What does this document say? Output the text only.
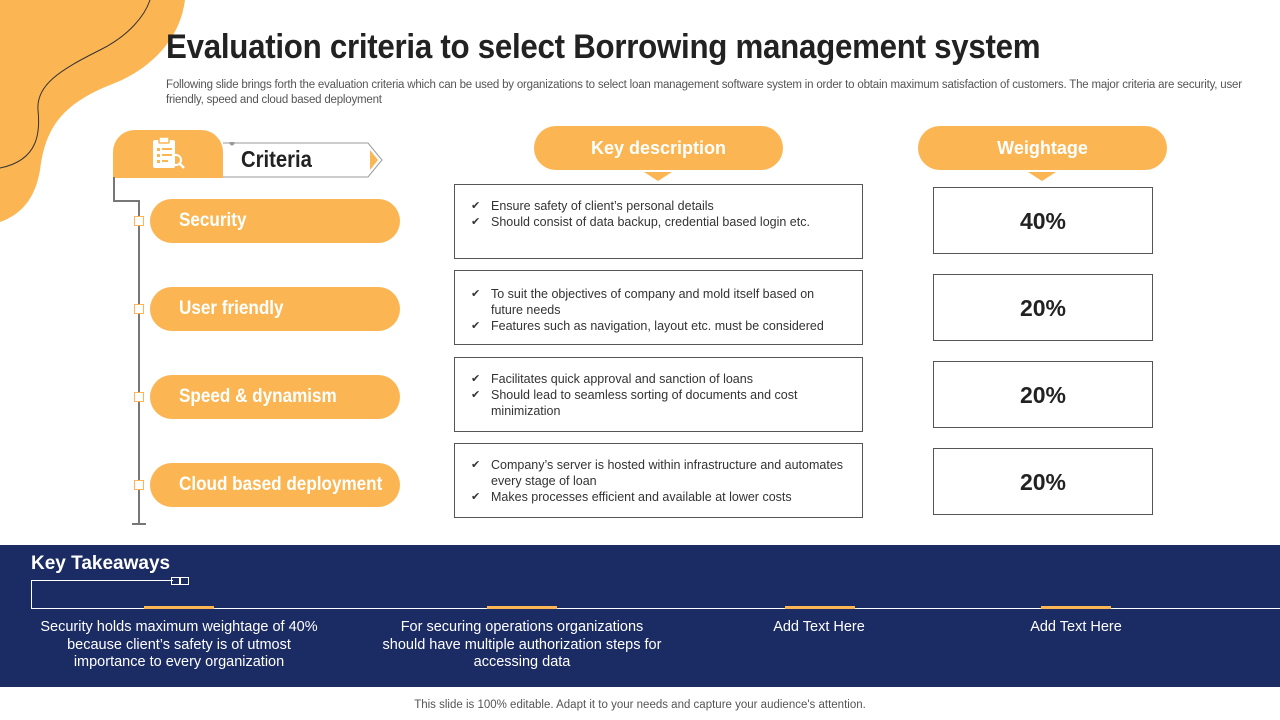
Evaluation criteria to select Borrowing management system
Following slide brings forth the evaluation criteria which can be used by organizations to select loan management software system in order to obtain maximum satisfaction of customers. The major criteria are security, user friendly, speed and cloud based deployment
Criteria
Security
User friendly
Speed & dynamism
Cloud based deployment
Key description	Weightage
✔ Ensure safety of client’s personal details
✔ Should consist of data backup, credential based login etc.
✔ To suit the objectives of company and mold itself based on future needs
✔ Features such as navigation, layout etc. must be considered
✔ Facilitates quick approval and sanction of loans
✔ Should lead to seamless sorting of documents and cost minimization
✔ Company’s server is hosted within infrastructure and automates every stage of loan
✔ Makes processes efficient and available at lower costs
40%
20%
20%
20%
Key Takeaways
Security holds maximum weightage of 40% because client’s safety is of utmost importance to every organization
For securing operations organizations should have multiple authorization steps for accessing data
Add Text Here	Add Text Here
This slide is 100% editable. Adapt it to your needs and capture your audience's attention.
